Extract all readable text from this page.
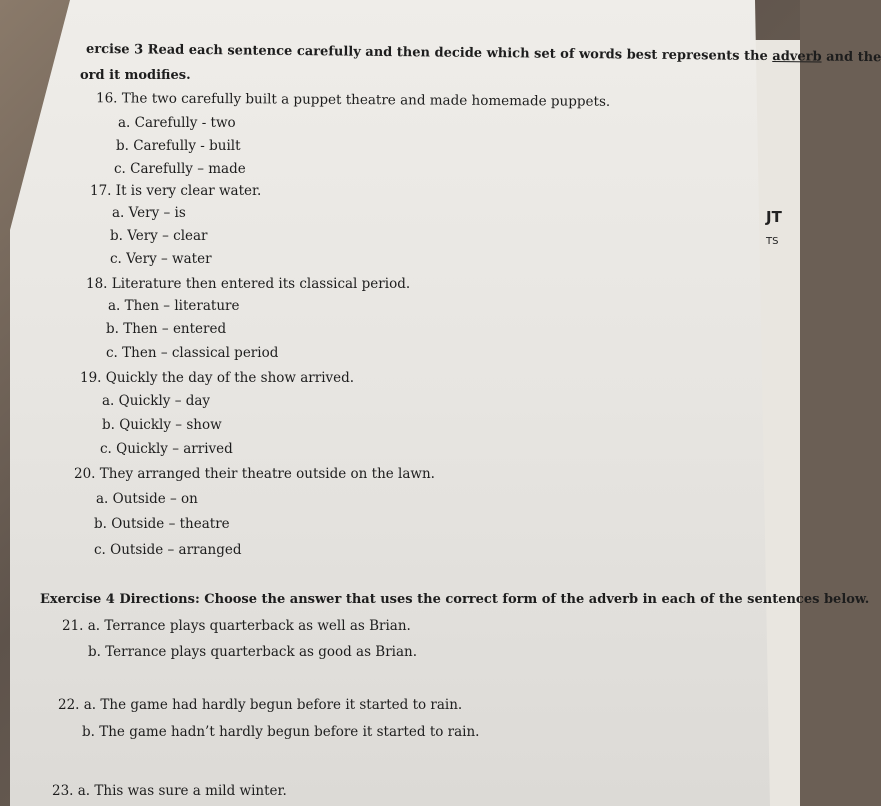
JT
TS
ercise 3 Read each sentence carefully and then decide which set of words best represents the adverb and the
ord it modifies.
16. The two carefully built a puppet theatre and made homemade puppets.
a. Carefully - two
b. Carefully - built
c. Carefully – made
17. It is very clear water.
a. Very – is
b. Very – clear
c. Very – water
18. Literature then entered its classical period.
a. Then – literature
b. Then – entered
c. Then – classical period
19. Quickly the day of the show arrived.
a. Quickly – day
b. Quickly – show
c. Quickly – arrived
20. They arranged their theatre outside on the lawn.
a. Outside – on
b. Outside – theatre
c. Outside – arranged
Exercise 4 Directions: Choose the answer that uses the correct form of the adverb in each of the sentences below.
21. a. Terrance plays quarterback as well as Brian.
b. Terrance plays quarterback as good as Brian.
22. a. The game had hardly begun before it started to rain.
b. The game hadn’t hardly begun before it started to rain.
23. a. This was sure a mild winter.
